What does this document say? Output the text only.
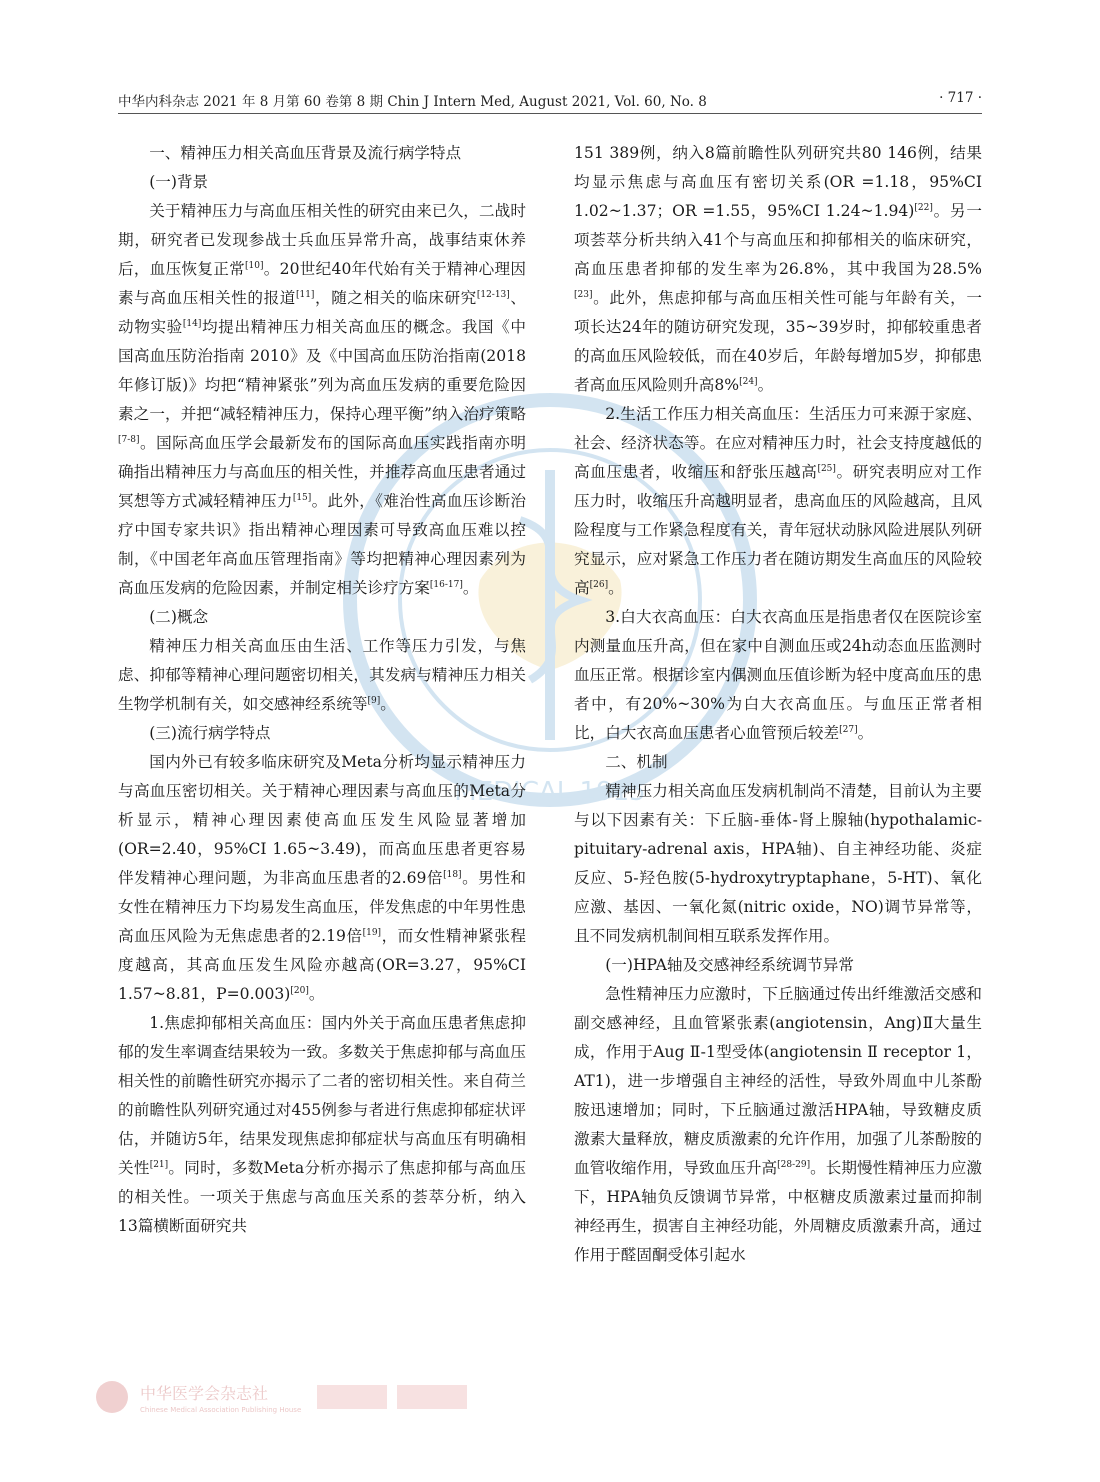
中华内科杂志 2021 年 8 月第 60 卷第 8 期 Chin J Intern Med, August 2021, Vol. 60, No. 8	· 717 ·
MEDICAL 1915
一、精神压力相关高血压背景及流行病学特点
(一)背景

关于精神压力与高血压相关性的研究由来已久，二战时期，研究者已发现参战士兵血压异常升高，战事结束休养后，血压恢复正常[10]。20世纪40年代始有关于精神心理因素与高血压相关性的报道[11]，随之相关的临床研究[12-13]、动物实验[14]均提出精神压力相关高血压的概念。我国《中国高血压防治指南 2010》及《中国高血压防治指南(2018年修订版)》均把“精神紧张”列为高血压发病的重要危险因素之一，并把“减轻精神压力，保持心理平衡”纳入治疗策略[7-8]。国际高血压学会最新发布的国际高血压实践指南亦明确指出精神压力与高血压的相关性，并推荐高血压患者通过冥想等方式减轻精神压力[15]。此外，《难治性高血压诊断治疗中国专家共识》指出精神心理因素可导致高血压难以控制，《中国老年高血压管理指南》等均把精神心理因素列为高血压发病的危险因素，并制定相关诊疗方案[16-17]。

(二)概念

精神压力相关高血压由生活、工作等压力引发，与焦虑、抑郁等精神心理问题密切相关，其发病与精神压力相关生物学机制有关，如交感神经系统等[9]。

(三)流行病学特点

国内外已有较多临床研究及Meta分析均显示精神压力与高血压密切相关。关于精神心理因素与高血压的Meta分析显示，精神心理因素使高血压发生风险显著增加(OR=2.40，95%CI 1.65~3.49)，而高血压患者更容易伴发精神心理问题，为非高血压患者的2.69倍[18]。男性和女性在精神压力下均易发生高血压，伴发焦虑的中年男性患高血压风险为无焦虑患者的2.19倍[19]，而女性精神紧张程度越高，其高血压发生风险亦越高(OR=3.27，95%CI 1.57~8.81，P=0.003)[20]。

1.焦虑抑郁相关高血压：国内外关于高血压患者焦虑抑郁的发生率调查结果较为一致。多数关于焦虑抑郁与高血压相关性的前瞻性研究亦揭示了二者的密切相关性。来自荷兰的前瞻性队列研究通过对455例参与者进行焦虑抑郁症状评估，并随访5年，结果发现焦虑抑郁症状与高血压有明确相关性[21]。同时，多数Meta分析亦揭示了焦虑抑郁与高血压的相关性。一项关于焦虑与高血压关系的荟萃分析，纳入13篇横断面研究共

151 389例，纳入8篇前瞻性队列研究共80 146例，结果均显示焦虑与高血压有密切关系(OR =1.18，95%CI 1.02~1.37；OR =1.55，95%CI 1.24~1.94)[22]。另一项荟萃分析共纳入41个与高血压和抑郁相关的临床研究，高血压患者抑郁的发生率为26.8%，其中我国为28.5%[23]。此外，焦虑抑郁与高血压相关性可能与年龄有关，一项长达24年的随访研究发现，35~39岁时，抑郁较重患者的高血压风险较低，而在40岁后，年龄每增加5岁，抑郁患者高血压风险则升高8%[24]。

2.生活工作压力相关高血压：生活压力可来源于家庭、社会、经济状态等。在应对精神压力时，社会支持度越低的高血压患者，收缩压和舒张压越高[25]。研究表明应对工作压力时，收缩压升高越明显者，患高血压的风险越高，且风险程度与工作紧急程度有关，青年冠状动脉风险进展队列研究显示，应对紧急工作压力者在随访期发生高血压的风险较高[26]。

3.白大衣高血压：白大衣高血压是指患者仅在医院诊室内测量血压升高，但在家中自测血压或24h动态血压监测时血压正常。根据诊室内偶测血压值诊断为轻中度高血压的患者中，有20%~30%为白大衣高血压。与血压正常者相比，白大衣高血压患者心血管预后较差[27]。

二、机制

精神压力相关高血压发病机制尚不清楚，目前认为主要与以下因素有关：下丘脑-垂体-肾上腺轴(hypothalamic-pituitary-adrenal axis，HPA轴)、自主神经功能、炎症反应、5-羟色胺(5-hydroxytryptaphane，5-HT)、氧化应激、基因、一氧化氮(nitric oxide，NO)调节异常等，且不同发病机制间相互联系发挥作用。

(一)HPA轴及交感神经系统调节异常

急性精神压力应激时，下丘脑通过传出纤维激活交感和副交感神经，且血管紧张素(angiotensin，Ang)Ⅱ大量生成，作用于Aug Ⅱ-1型受体(angiotensin Ⅱ receptor 1，AT1)，进一步增强自主神经的活性，导致外周血中儿茶酚胺迅速增加；同时，下丘脑通过激活HPA轴，导致糖皮质激素大量释放，糖皮质激素的允许作用，加强了儿茶酚胺的血管收缩作用，导致血压升高[28-29]。长期慢性精神压力应激下，HPA轴负反馈调节异常，中枢糖皮质激素过量而抑制神经再生，损害自主神经功能，外周糖皮质激素升高，通过作用于醛固酮受体引起水

中华医学会杂志社
Chinese Medical Association Publishing House
